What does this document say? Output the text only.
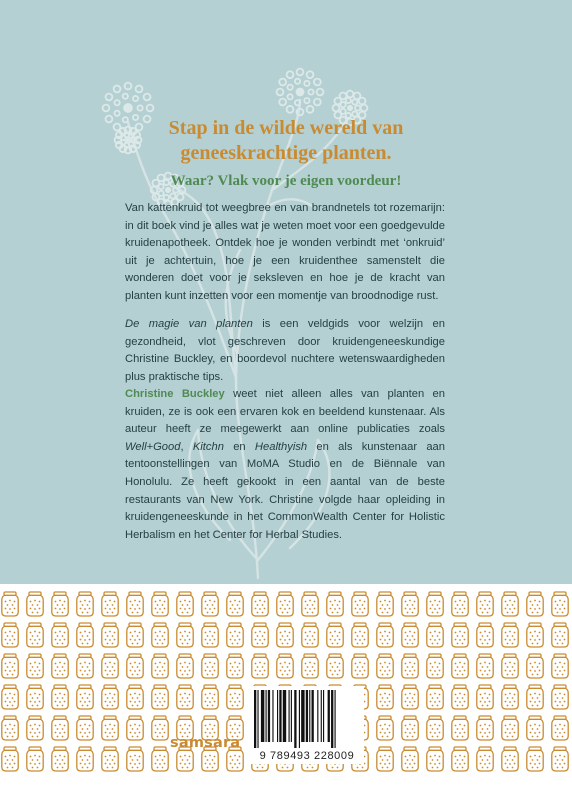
Stap in de wilde wereld van
geneeskrachtige planten.

Waar? Vlak voor je eigen voordeur!

Van kattenkruid tot weegbree en van brandnetels tot rozemarijn: in dit boek vind je alles wat je weten moet voor een goedgevulde kruidenapotheek. Ontdek hoe je wonden verbindt met ‘onkruid’ uit je achtertuin, hoe je een kruidenthee samenstelt die wonderen doet voor je seksleven en hoe je de kracht van planten kunt inzetten voor een momentje van broodnodige rust.

De magie van planten is een veldgids voor welzijn en gezondheid, vlot geschreven door kruidengeneeskundige Christine Buckley, en boordevol nuchtere wetenswaardigheden plus praktische tips.

Christine Buckley weet niet alleen alles van planten en kruiden, ze is ook een ervaren kok en beeldend kunstenaar. Als auteur heeft ze meegewerkt aan online publicaties zoals Well+Good, Kitchn en Healthyish en als kunstenaar aan tentoonstellingen van MoMA Studio en de Biënnale van Honolulu. Ze heeft gekookt in een aantal van de beste restaurants van New York. Christine volgde haar opleiding in kruidengeneeskunde in het CommonWealth Center for Holistic Herbalism en het Center for Herbal Studies.

9 789493 228009

samsara
